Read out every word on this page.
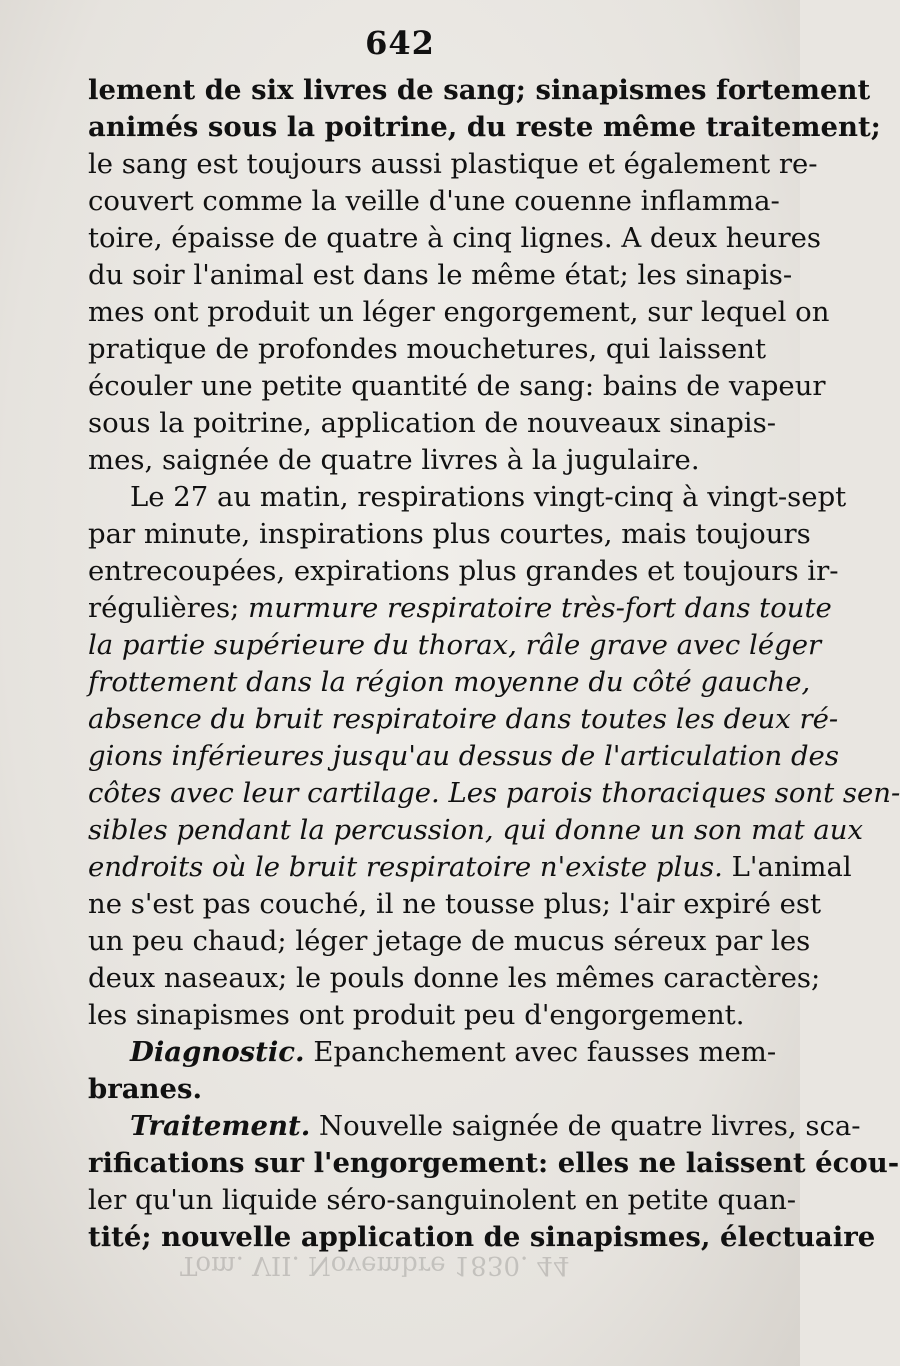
642
lement de six livres de sang; sinapismes fortement
animés sous la poitrine, du reste même traitement;
le sang est toujours aussi plastique et également re-
couvert comme la veille d'une couenne inflamma-
toire, épaisse de quatre à cinq lignes. A deux heures
du soir l'animal est dans le même état; les sinapis-
mes ont produit un léger engorgement, sur lequel on
pratique de profondes mouchetures, qui laissent
écouler une petite quantité de sang: bains de vapeur
sous la poitrine, application de nouveaux sinapis-
mes, saignée de quatre livres à la jugulaire.
Le 27 au matin, respirations vingt-cinq à vingt-sept
par minute, inspirations plus courtes, mais toujours
entrecoupées, expirations plus grandes et toujours ir-
régulières; murmure respiratoire très-fort dans toute
la partie supérieure du thorax, râle grave avec léger
frottement dans la région moyenne du côté gauche,
absence du bruit respiratoire dans toutes les deux ré-
gions inférieures jusqu'au dessus de l'articulation des
côtes avec leur cartilage. Les parois thoraciques sont sen-
sibles pendant la percussion, qui donne un son mat aux
endroits où le bruit respiratoire n'existe plus. L'animal
ne s'est pas couché, il ne tousse plus; l'air expiré est
un peu chaud; léger jetage de mucus séreux par les
deux naseaux; le pouls donne les mêmes caractères;
les sinapismes ont produit peu d'engorgement.
Diagnostic. Epanchement avec fausses mem-
branes.
Traitement. Nouvelle saignée de quatre livres, sca-
rifications sur l'engorgement: elles ne laissent écou-
ler qu'un liquide séro-sanguinolent en petite quan-
tité; nouvelle application de sinapismes, électuaire
Tom. VII. Novembre 1830. 44
